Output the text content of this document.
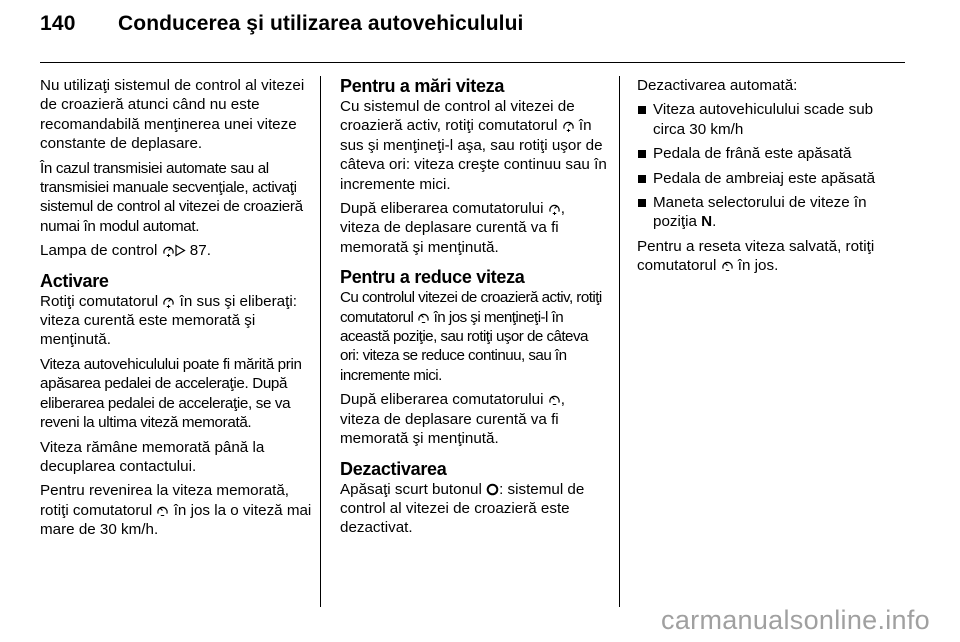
140 Conducerea şi utilizarea autovehiculului

Nu utilizaţi sistemul de control al vitezei de croazieră atunci când nu este recomandabilă menţinerea unei viteze constante de deplasare.

În cazul transmisiei automate sau al transmisiei manuale secvenţiale, activaţi sistemul de control al vitezei de croazieră numai în modul automat.

Lampa de control
87.

Activare

Rotiţi comutatorul
în sus şi eliberaţi: viteza curentă este memorată şi menţinută.

Viteza autovehiculului poate fi mărită prin apăsarea pedalei de acceleraţie. După eliberarea pedalei de acceleraţie, se va reveni la ultima viteză memorată.

Viteza rămâne memorată până la decuplarea contactului.

Pentru revenirea la viteza memorată, rotiţi comutatorul
în jos la o viteză mai mare de 30 km/h.

Pentru a mări viteza

Cu sistemul de control al vitezei de croazieră activ, rotiţi comutatorul
în sus şi menţineţi-l aşa, sau rotiţi uşor de câteva ori: viteza creşte continuu sau în incremente mici.

După eliberarea comutatorului
, viteza de deplasare curentă va fi memorată şi menţinută.

Pentru a reduce viteza

Cu controlul vitezei de croazieră activ, rotiţi comutatorul
în jos şi menţineţi-l în această poziţie, sau rotiţi uşor de câteva ori: viteza se reduce continuu, sau în incremente mici.

După eliberarea comutatorului
, viteza de deplasare curentă va fi memorată şi menţinută.

Dezactivarea

Apăsaţi scurt butonul
: sistemul de control al vitezei de croazieră este dezactivat.

Dezactivarea automată:

Viteza autovehiculului scade sub circa 30 km/h
Pedala de frână este apăsată
Pedala de ambreiaj este apăsată
Maneta selectorului de viteze în poziţia N.

Pentru a reseta viteza salvată, rotiţi comutatorul
în jos.

carmanualsonline.info
